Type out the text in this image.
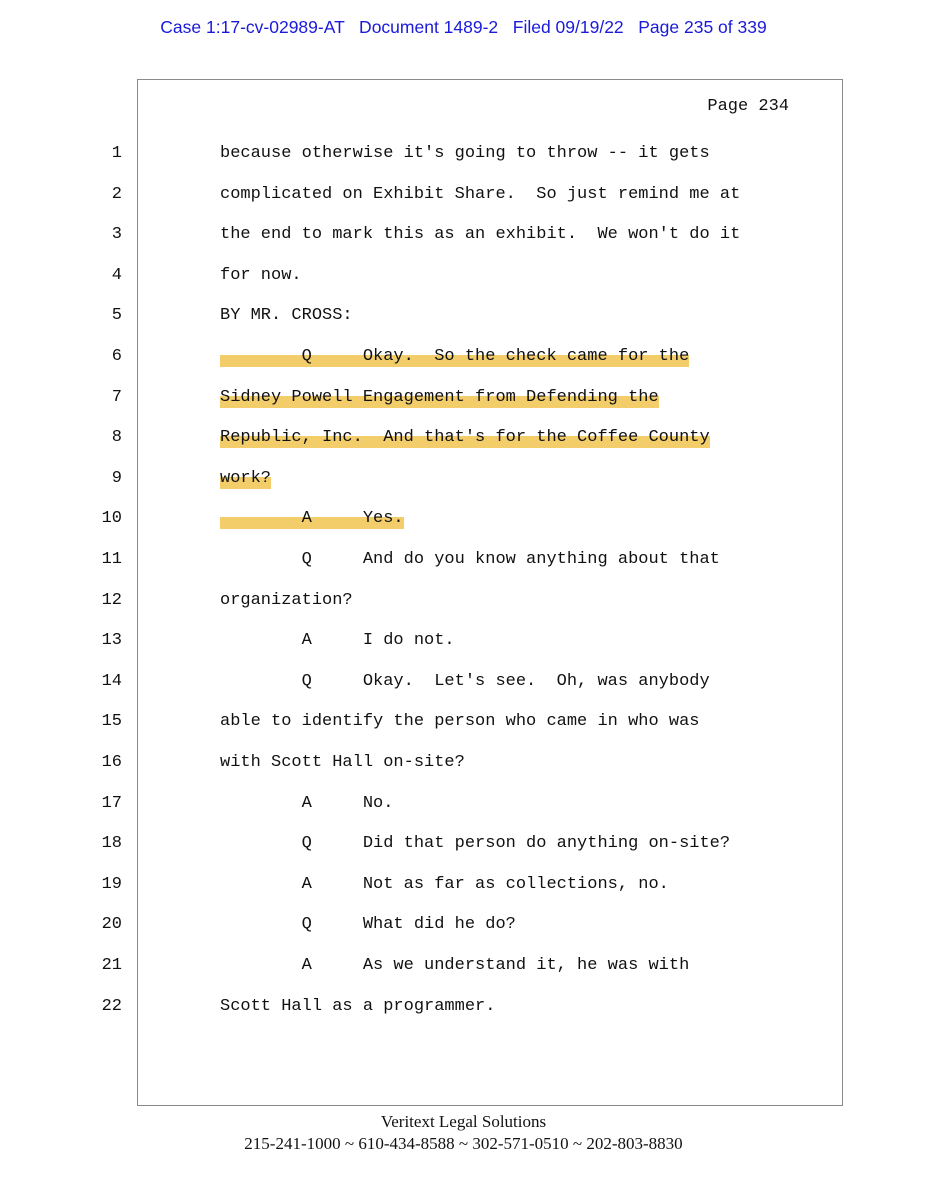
Case 1:17-cv-02989-AT   Document 1489-2   Filed 09/19/22   Page 235 of 339
Page 234
1	because otherwise it's going to throw -- it gets
2	complicated on Exhibit Share.  So just remind me at
3	the end to mark this as an exhibit.  We won't do it
4	for now.
5	BY MR. CROSS:
6	Q     Okay.  So the check came for the
7	Sidney Powell Engagement from Defending the
8	Republic, Inc.  And that's for the Coffee County
9	work?
10	A     Yes.
11	Q     And do you know anything about that
12	organization?
13	A     I do not.
14	Q     Okay.  Let's see.  Oh, was anybody
15	able to identify the person who came in who was
16	with Scott Hall on-site?
17	A     No.
18	Q     Did that person do anything on-site?
19	A     Not as far as collections, no.
20	Q     What did he do?
21	A     As we understand it, he was with
22	Scott Hall as a programmer.
Veritext Legal Solutions
215-241-1000 ~ 610-434-8588 ~ 302-571-0510 ~ 202-803-8830
